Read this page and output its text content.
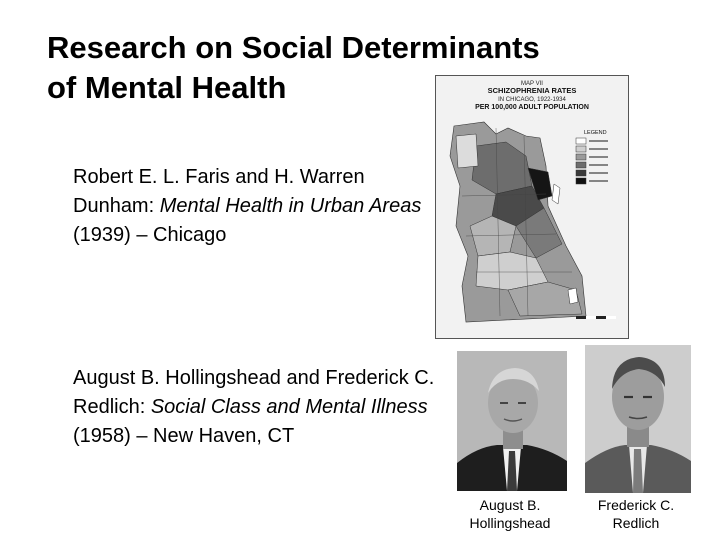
Research on Social Determinants
of Mental Health	MAP VII
SCHIZOPHRENIA RATES
IN CHICAGO, 1922-1934
PER 100,000 ADULT POPULATION
LEGEND
Robert E. L. Faris and H. Warren Dunham: Mental Health in Urban Areas (1939) – Chicago
August B. Hollingshead and Frederick C. Redlich: Social Class and Mental Illness (1958) – New Haven, CT
August B.
Hollingshead
Frederick C.
Redlich
